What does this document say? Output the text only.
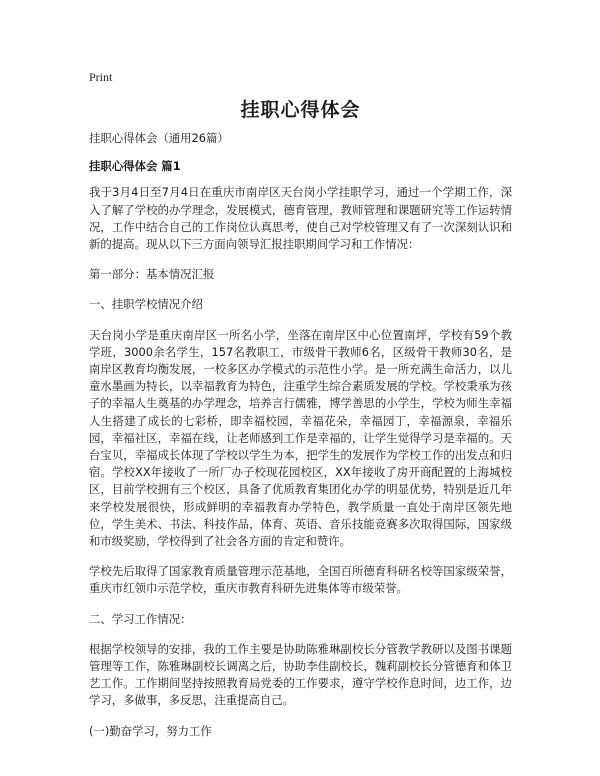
Print
挂职心得体会

挂职心得体会（通用26篇）

挂职心得体会 篇1

我于3月4日至7月4日在重庆市南岸区天台岗小学挂职学习，通过一个学期工作，深入了解了学校的办学理念，发展模式，德育管理，教师管理和课题研究等工作运转情况，工作中结合自己的工作岗位认真思考，使自己对学校管理又有了一次深刻认识和新的提高。现从以下三方面向领导汇报挂职期间学习和工作情况：

第一部分：基本情况汇报

一、挂职学校情况介绍

天台岗小学是重庆南岸区一所名小学，坐落在南岸区中心位置南坪，学校有59个教学班，3000余名学生，157名教职工，市级骨干教师6名，区级骨干教师30名，是南岸区教育均衡发展，一校多区办学模式的示范性小学。是一所充满生命活力，以儿童水墨画为特长，以幸福教育为特色，注重学生综合素质发展的学校。学校秉承为孩子的幸福人生奠基的办学理念，培养言行儒雅，博学善思的小学生，学校为师生幸福人生搭建了成长的七彩桥，即幸福校园，幸福花朵，幸福园丁，幸福源泉，幸福乐园，幸福社区，幸福在线，让老师感到工作是幸福的，让学生觉得学习是幸福的。天台宝贝，幸福成长体现了学校以学生为本，把学生的发展作为学校工作的出发点和归宿。学校XX年接收了一所厂办子校现花园校区，XX年接收了房开商配置的上海城校区，目前学校拥有三个校区，具备了优质教育集团化办学的明显优势，特别是近几年来学校发展很快，形成鲜明的幸福教育办学特色，教学质量一直处于南岸区领先地位，学生美术、书法、科技作品，体育、英语、音乐技能竞赛多次取得国际，国家级和市级奖励，学校得到了社会各方面的肯定和赞许。

学校先后取得了国家教育质量管理示范基地，全国百所德育科研名校等国家级荣誉，重庆市红领巾示范学校，重庆市教育科研先进集体等市级荣誉。

二、学习工作情况：

根据学校领导的安排，我的工作主要是协助陈雅琳副校长分管教学教研以及图书课题管理等工作，陈雅琳副校长调离之后，协助李佳副校长，魏莉副校长分管德育和体卫艺工作。工作期间坚持按照教育局党委的工作要求，遵守学校作息时间，边工作，边学习，多做事，多反思，注重提高自己。

(一)勤奋学习，努力工作
